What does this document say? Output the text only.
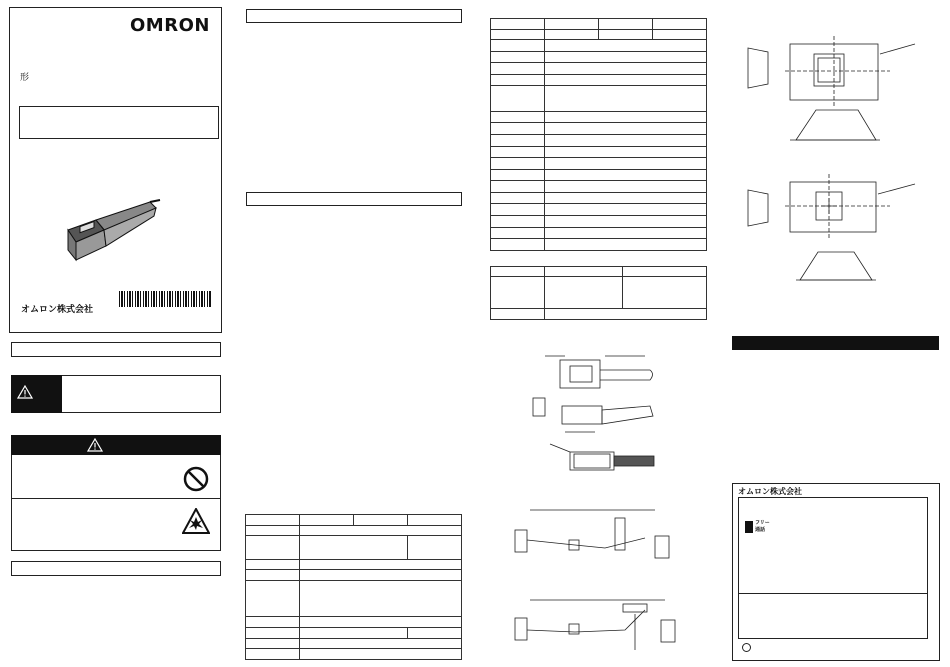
OMRON
形
オムロン株式会社

オムロン株式会社
フリー
通話
